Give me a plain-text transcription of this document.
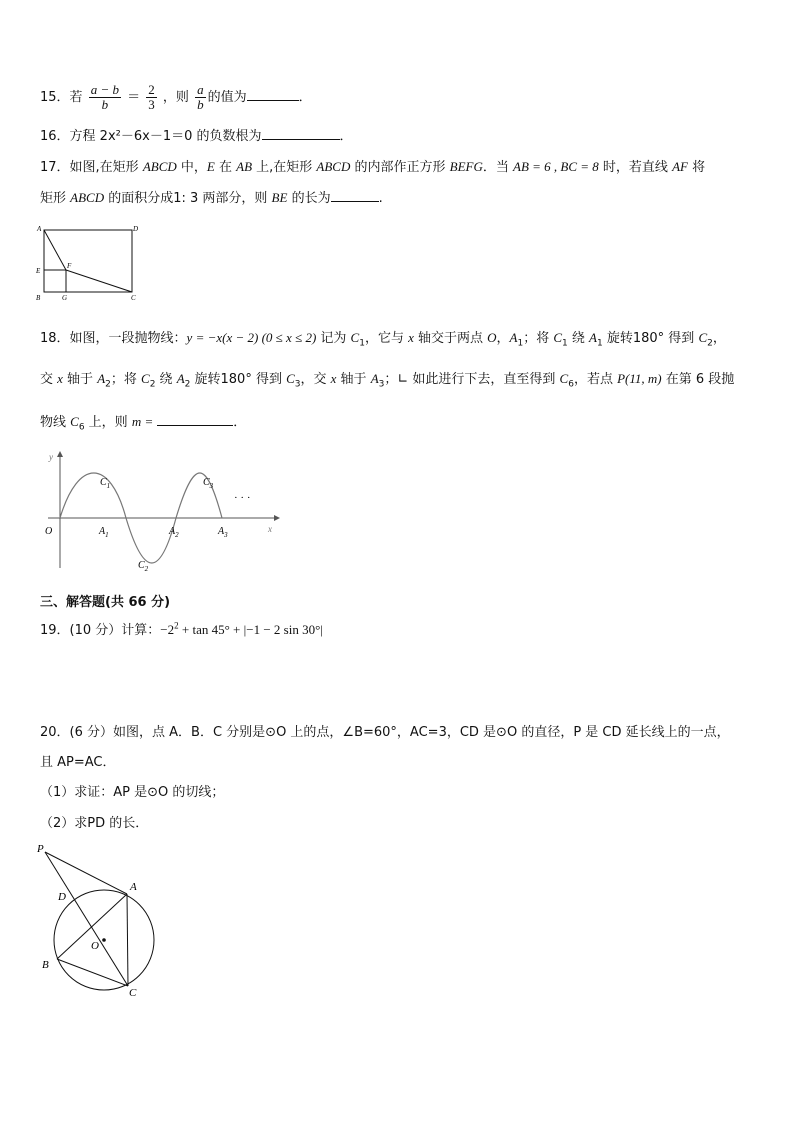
15．若 $\frac{a - b}{b} = \frac{2}{3}$ ，则 $\frac{a}{b}$ 的值为	．
16．方程 2x²－6x－1＝0 的负数根为	．
17．如图,在矩形 ABCD 中，E 在 AB 上,在矩形 ABCD 的内部作正方形 BEFG．当 AB = 6 , BC = 8 时，若直线 AF 将
矩形 ABCD 的面积分成1: 3 两部分，则 BE 的长为	.
A	D
E
F
B	G	C
18．如图，一段抛物线：y = −x(x − 2) (0 ≤ x ≤ 2) 记为 $C_1$，它与 x 轴交于两点 O，$A_1$；将 $C_1$ 绕 $A_1$ 旋转180° 得到 $C_2$，
交 x 轴于 $A_2$；将 $C_2$ 绕 $A_2$ 旋转180° 得到 $C_3$，交 x 轴于 $A_3$；∟ 如此进行下去，直至得到 $C_6$，若点 P(11, m) 在第 6 段抛
物线 $C_6$ 上，则 m =	．
y
x
O	$A_1$	$A_2$	$A_3$
$C_1$
$C_2$
$C_3$
· · ·
三、解答题(共 66 分)
19．(10 分）计算：$-2^2 + \tan 45^\circ + |-1 - 2$ sin 30°|
20．(6 分）如图，点 A．B．C 分别是⊙O 上的点，∠B=60°，AC=3，CD 是⊙O 的直径，P 是 CD 延长线上的一点，
且 AP=AC．
（1）求证：AP 是⊙O 的切线；
（2）求PD 的长．
P
D
A
O
B
C
